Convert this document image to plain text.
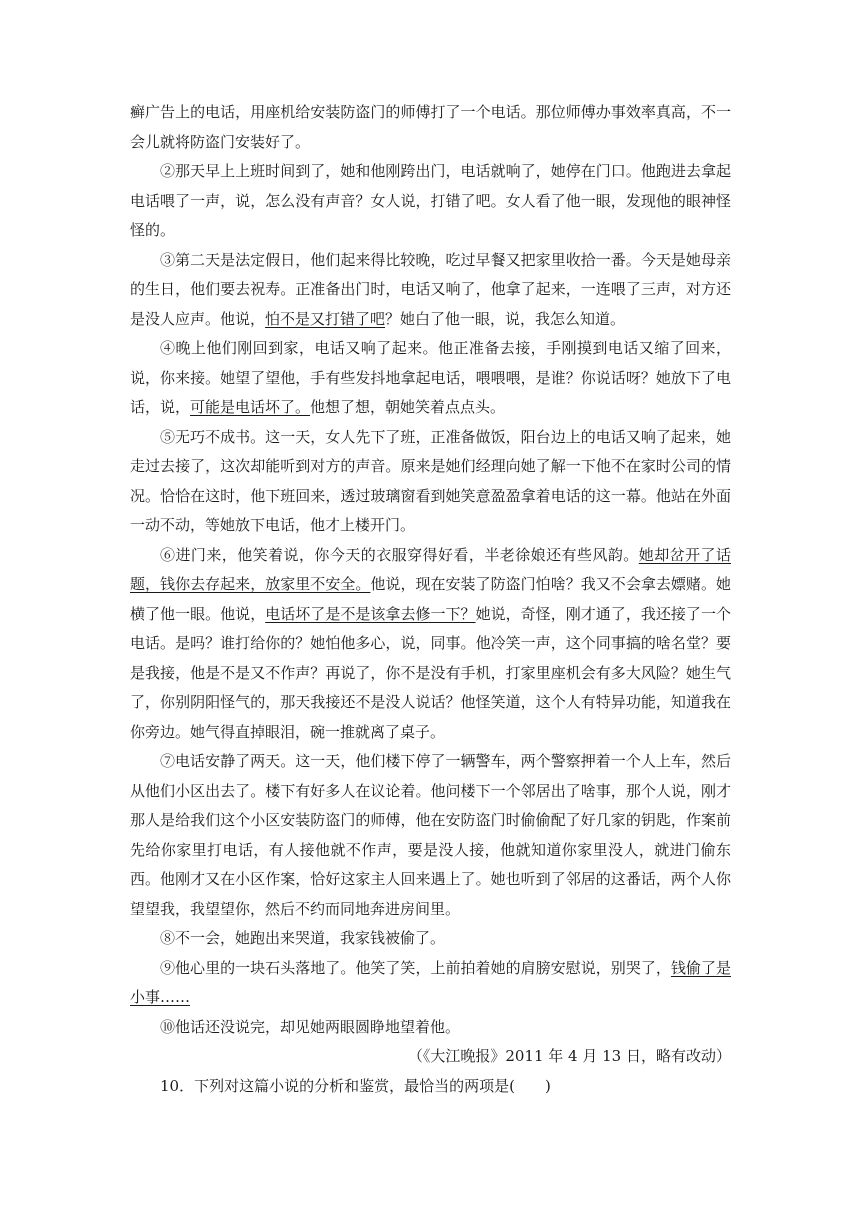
癣广告上的电话，用座机给安装防盗门的师傅打了一个电话。那位师傅办事效率真高，不一会儿就将防盗门安装好了。

②那天早上上班时间到了，她和他刚跨出门，电话就响了，她停在门口。他跑进去拿起电话喂了一声，说，怎么没有声音？女人说，打错了吧。女人看了他一眼，发现他的眼神怪怪的。

③第二天是法定假日，他们起来得比较晚，吃过早餐又把家里收拾一番。今天是她母亲的生日，他们要去祝寿。正准备出门时，电话又响了，他拿了起来，一连喂了三声，对方还是没人应声。他说，怕不是又打错了吧？她白了他一眼，说，我怎么知道。

④晚上他们刚回到家，电话又响了起来。他正准备去接，手刚摸到电话又缩了回来，说，你来接。她望了望他，手有些发抖地拿起电话，喂喂喂，是谁？你说话呀？她放下了电话，说，可能是电话坏了。他想了想，朝她笑着点点头。

⑤无巧不成书。这一天，女人先下了班，正准备做饭，阳台边上的电话又响了起来，她走过去接了，这次却能听到对方的声音。原来是她们经理向她了解一下他不在家时公司的情况。恰恰在这时，他下班回来，透过玻璃窗看到她笑意盈盈拿着电话的这一幕。他站在外面一动不动，等她放下电话，他才上楼开门。

⑥进门来，他笑着说，你今天的衣服穿得好看，半老徐娘还有些风韵。她却岔开了话题，钱你去存起来，放家里不安全。他说，现在安装了防盗门怕啥？我又不会拿去嫖赌。她横了他一眼。他说，电话坏了是不是该拿去修一下？她说，奇怪，刚才通了，我还接了一个电话。是吗？谁打给你的？她怕他多心，说，同事。他冷笑一声，这个同事搞的啥名堂？要是我接，他是不是又不作声？再说了，你不是没有手机，打家里座机会有多大风险？她生气了，你别阴阳怪气的，那天我接还不是没人说话？他怪笑道，这个人有特异功能，知道我在你旁边。她气得直掉眼泪，碗一推就离了桌子。

⑦电话安静了两天。这一天，他们楼下停了一辆警车，两个警察押着一个人上车，然后从他们小区出去了。楼下有好多人在议论着。他问楼下一个邻居出了啥事，那个人说，刚才那人是给我们这个小区安装防盗门的师傅，他在安防盗门时偷偷配了好几家的钥匙，作案前先给你家里打电话，有人接他就不作声，要是没人接，他就知道你家里没人，就进门偷东西。他刚才又在小区作案，恰好这家主人回来遇上了。她也听到了邻居的这番话，两个人你望望我，我望望你，然后不约而同地奔进房间里。

⑧不一会，她跑出来哭道，我家钱被偷了。

⑨他心里的一块石头落地了。他笑了笑，上前拍着她的肩膀安慰说，别哭了，钱偷了是小事……

⑩他话还没说完，却见她两眼圆睁地望着他。

（《大江晚报》2011 年 4 月 13 日，略有改动）

10．下列对这篇小说的分析和鉴赏，最恰当的两项是(　　)
